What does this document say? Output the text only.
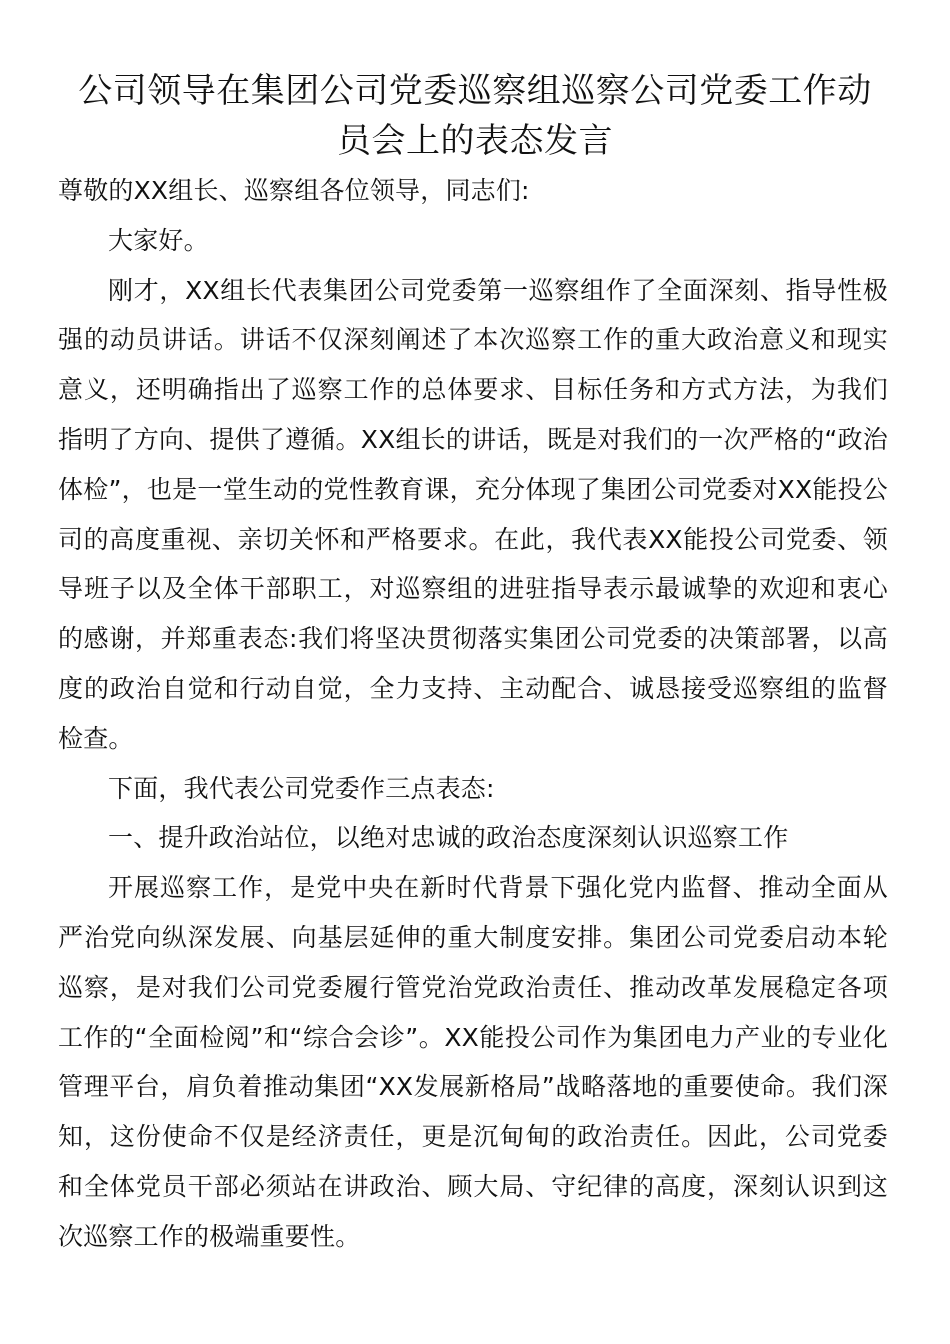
公司领导在集团公司党委巡察组巡察公司党委工作动员会上的表态发言

尊敬的XX组长、巡察组各位领导，同志们:

大家好。

刚才，XX组长代表集团公司党委第一巡察组作了全面深刻、指导性极强的动员讲话。讲话不仅深刻阐述了本次巡察工作的重大政治意义和现实意义，还明确指出了巡察工作的总体要求、目标任务和方式方法，为我们指明了方向、提供了遵循。XX组长的讲话，既是对我们的一次严格的“政治体检”，也是一堂生动的党性教育课，充分体现了集团公司党委对XX能投公司的高度重视、亲切关怀和严格要求。在此，我代表XX能投公司党委、领导班子以及全体干部职工，对巡察组的进驻指导表示最诚挚的欢迎和衷心的感谢，并郑重表态:我们将坚决贯彻落实集团公司党委的决策部署，以高度的政治自觉和行动自觉，全力支持、主动配合、诚恳接受巡察组的监督检查。

下面，我代表公司党委作三点表态:

一、提升政治站位，以绝对忠诚的政治态度深刻认识巡察工作

开展巡察工作，是党中央在新时代背景下强化党内监督、推动全面从严治党向纵深发展、向基层延伸的重大制度安排。集团公司党委启动本轮巡察，是对我们公司党委履行管党治党政治责任、推动改革发展稳定各项工作的“全面检阅”和“综合会诊”。XX能投公司作为集团电力产业的专业化管理平台，肩负着推动集团“XX发展新格局”战略落地的重要使命。我们深知，这份使命不仅是经济责任，更是沉甸甸的政治责任。因此，公司党委和全体党员干部必须站在讲政治、顾大局、守纪律的高度，深刻认识到这次巡察工作的极端重要性。
